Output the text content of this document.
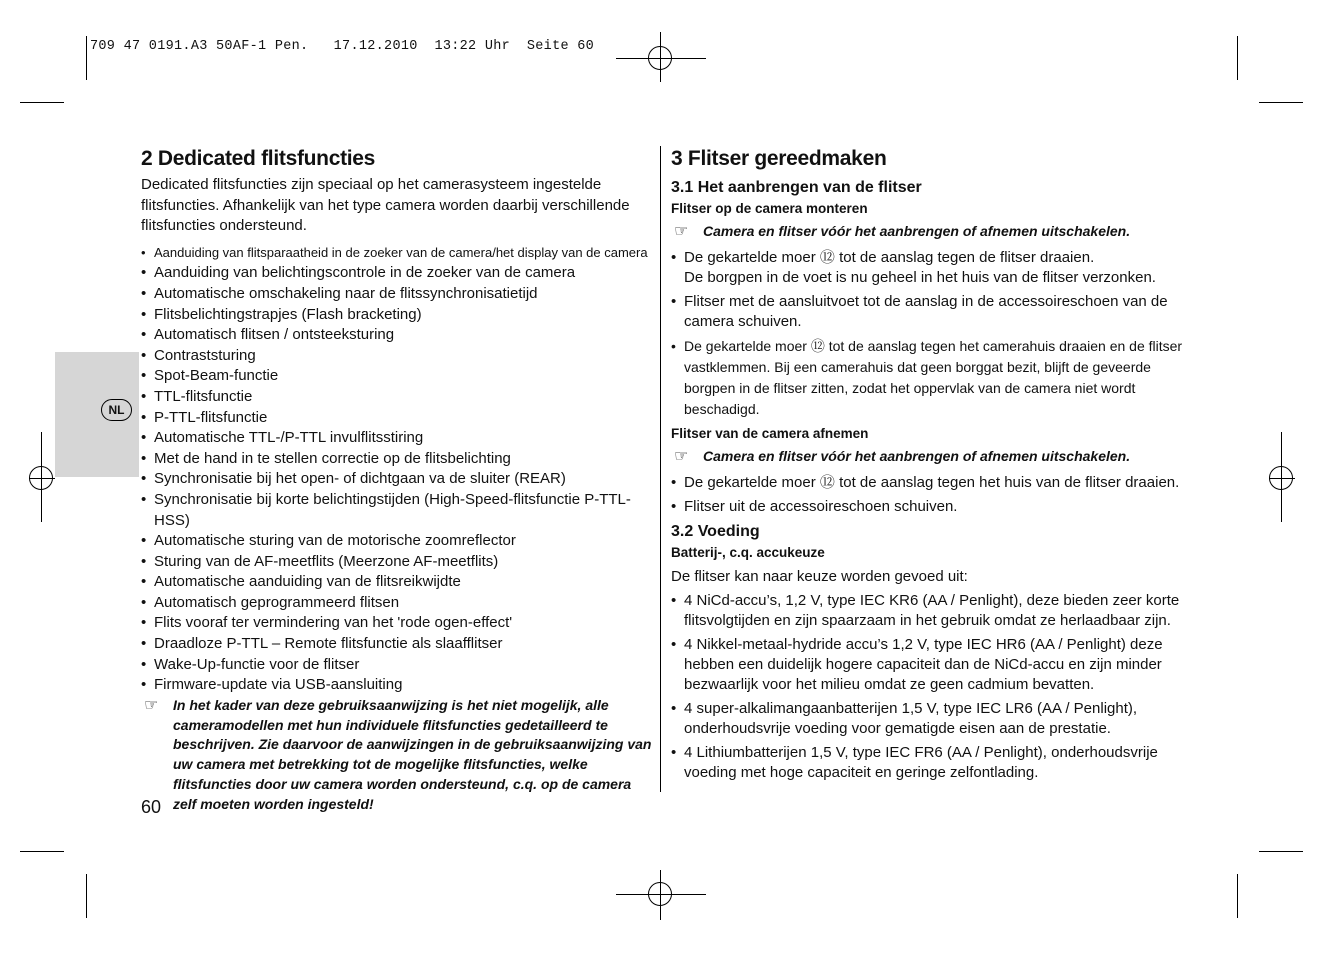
709 47 0191.A3 50AF-1 Pen.   17.12.2010  13:22 Uhr  Seite 60
NL
2 Dedicated flitsfuncties

Dedicated flitsfuncties zijn speciaal op het camerasysteem ingestelde flitsfuncties. Afhankelijk van het type camera worden daarbij verschillende flitsfuncties ondersteund.

• Aanduiding van flitsparaatheid in de zoeker van de camera/het display van de camera
• Aanduiding van belichtingscontrole in de zoeker van de camera
• Automatische omschakeling naar de flitssynchronisatietijd
• Flitsbelichtingstrapjes (Flash bracketing)
• Automatisch flitsen / ontsteeksturing
• Contraststuring
• Spot-Beam-functie
• TTL-flitsfunctie
• P-TTL-flitsfunctie
• Automatische TTL-/P-TTL invulflitsstiring
• Met de hand in te stellen correctie op de flitsbelichting
• Synchronisatie bij het open- of dichtgaan va de sluiter (REAR)
• Synchronisatie bij korte belichtingstijden (High-Speed-flitsfunctie P-TTL-HSS)
• Automatische sturing van de motorische zoomreflector
• Sturing van de AF-meetflits (Meerzone AF-meetflits)
• Automatische aanduiding van de flitsreikwijdte
• Automatisch geprogrammeerd flitsen
• Flits vooraf ter vermindering van het 'rode ogen-effect'
• Draadloze P-TTL – Remote flitsfunctie als slaafflitser
• Wake-Up-functie voor de flitser
• Firmware-update via USB-aansluiting
☞ In het kader van deze gebruiksaanwijzing is het niet mogelijk, alle cameramodellen met hun individuele flitsfuncties gedetailleerd te beschrijven. Zie daarvoor de aanwijzingen in de gebruiksaanwijzing van uw camera met betrekking tot de mogelijke flitsfuncties, welke flitsfuncties door uw camera worden ondersteund, c.q. op de camera zelf moeten worden ingesteld!
60
3 Flitser gereedmaken
3.1 Het aanbrengen van de flitser
Flitser op de camera monteren
☞ Camera en flitser vóór het aanbrengen of afnemen uitschakelen.
• De gekartelde moer ⑫ tot de aanslag tegen de flitser draaien.
De borgpen in de voet is nu geheel in het huis van de flitser verzonken.
• Flitser met de aansluitvoet tot de aanslag in de accessoireschoen van de camera schuiven.
• De gekartelde moer ⑫ tot de aanslag tegen het camerahuis draaien en de flitser vastklemmen. Bij een camerahuis dat geen borggat bezit, blijft de geveerde borgpen in de flitser zitten, zodat het oppervlak van de camera niet wordt beschadigd.
Flitser van de camera afnemen
☞ Camera en flitser vóór het aanbrengen of afnemen uitschakelen.
• De gekartelde moer ⑫ tot de aanslag tegen het huis van de flitser draaien.
• Flitser uit de accessoireschoen schuiven.
3.2 Voeding
Batterij-, c.q. accukeuze

De flitser kan naar keuze worden gevoed uit:

• 4 NiCd-accu’s, 1,2 V, type IEC KR6 (AA / Penlight), deze bieden zeer korte flitsvolgtijden en zijn spaarzaam in het gebruik omdat ze herlaadbaar zijn.
• 4 Nikkel-metaal-hydride accu’s 1,2 V, type IEC HR6 (AA / Penlight) deze hebben een duidelijk hogere capaciteit dan de NiCd-accu en zijn minder bezwaarlijk voor het milieu omdat ze geen cadmium bevatten.
• 4 super-alkalimangaanbatterijen 1,5 V, type IEC LR6 (AA / Penlight), onderhoudsvrije voeding voor gematigde eisen aan de prestatie.
• 4 Lithiumbatterijen 1,5 V, type IEC FR6 (AA / Penlight), onderhoudsvrije voeding met hoge capaciteit en geringe zelfontlading.
